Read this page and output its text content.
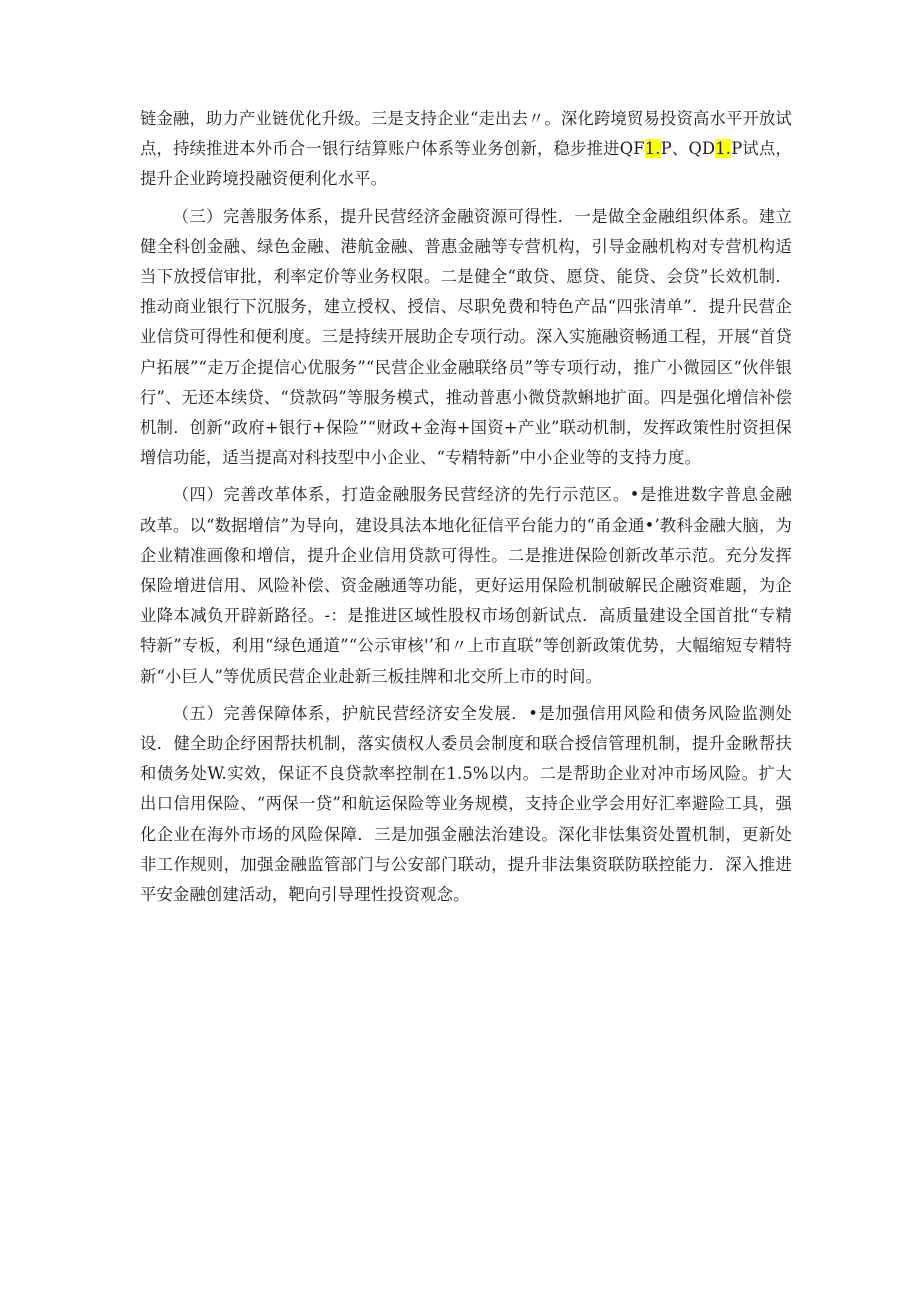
链金融，助力产业链优化升级。三是支持企业“走出去〃。深化跨境贸易投资高水平开放试点，持续推进本外币合一银行结算账户体系等业务创新，稳步推进QF1.P、QD1.P试点，提升企业跨境投融资便利化水平。

（三）完善服务体系，提升民营经济金融资源可得性．一是做全金融组织体系。建立健全科创金融、绿色金融、港航金融、普惠金融等专营机构，引导金融机构对专营机构适当下放授信审批，利率定价等业务权限。二是健全“敢贷、愿贷、能贷、会贷”长效机制．推动商业银行下沉服务，建立授权、授信、尽职免费和特色产品“四张清单”．提升民营企业信贷可得性和便利度。三是持续开展助企专项行动。深入实施融资畅通工程，开展“首贷户拓展”“走万企提信心优服务”“民营企业金融联络员”等专项行动，推广小微园区“伙伴银行”、无还本续贷、“贷款码”等服务模式，推动普惠小微贷款蝌地扩面。四是强化增信补偿机制．创新“政府+银行+保险”“财政+金海+国资+产业”联动机制，发挥政策性肘资担保增信功能，适当提高对科技型中小企业、“专精特新”中小企业等的支持力度。

（四）完善改革体系，打造金融服务民营经济的先行示范区。•是推进数字普息金融改革。以“数据增信”为导向，建设具法本地化征信平台能力的“甬金通•’教科金融大脑，为企业精准画像和增信，提升企业信用贷款可得性。二是推进保险创新改革示范。充分发挥保险增进信用、风险补偿、资金融通等功能，更好运用保险机制破解民企融资难题，为企业降本减负开辟新路径。-：是推进区域性股权市场创新试点．高质量建设全国首批“专精特新”专板，利用“绿色通道”“公示审核'’和〃上市直联”等创新政策优势，大幅缩短专精特新“小巨人”等优质民营企业赴新三板挂牌和北交所上市的时间。

（五）完善保障体系，护航民营经济安全发展．•是加强信用风险和债务风险监测处设．健全助企纾困帮扶机制，落实债权人委员会制度和联合授信管理机制，提升金瞅帮扶和债务处W.实效，保证不良贷款率控制在1.5%以内。二是帮助企业对冲市场风险。扩大出口信用保险、“两保一贷”和航运保险等业务规模，支持企业学会用好汇率避险工具，强化企业在海外市场的风险保障．三是加强金融法治建设。深化非怯集资处置机制，更新处非工作规则，加强金融监管部门与公安部门联动，提升非法集资联防联控能力．深入推进平安金融创建活动，靶向引导理性投资观念。
